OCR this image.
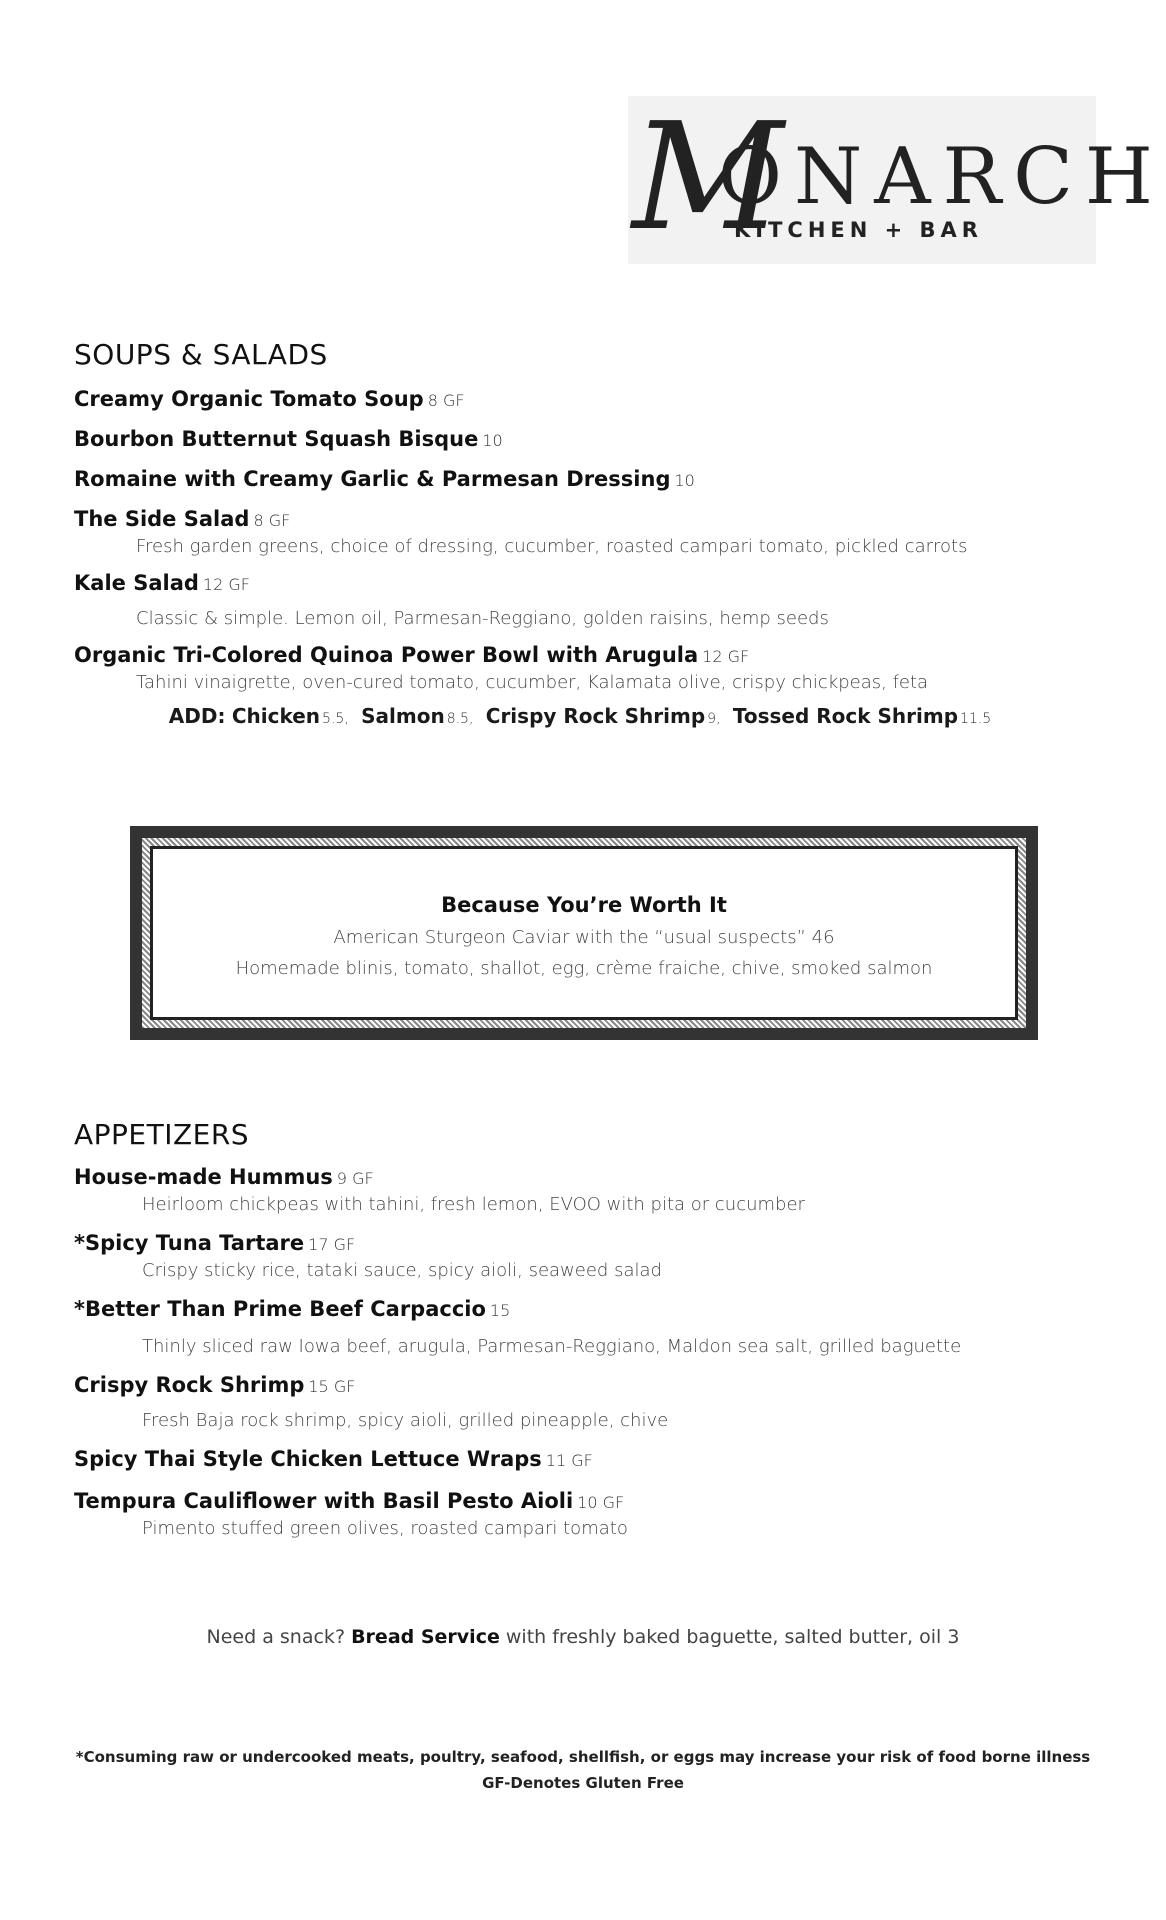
M
ONARCH
KITCHEN + BAR
SOUPS & SALADS
Creamy Organic Tomato Soup 8 GF
Bourbon Butternut Squash Bisque 10
Romaine with Creamy Garlic & Parmesan Dressing 10
The Side Salad 8 GF
Fresh garden greens, choice of dressing, cucumber, roasted campari tomato, pickled carrots
Kale Salad 12 GF
Classic & simple. Lemon oil, Parmesan-Reggiano, golden raisins, hemp seeds
Organic Tri-Colored Quinoa Power Bowl with Arugula 12 GF
Tahini vinaigrette, oven-cured tomato, cucumber, Kalamata olive, crispy chickpeas, feta
ADD: Chicken 5.5, Salmon 8.5, Crispy Rock Shrimp 9, Tossed Rock Shrimp 11.5
Because You’re Worth It
American Sturgeon Caviar with the “usual suspects” 46
Homemade blinis, tomato, shallot, egg, crème fraiche, chive, smoked salmon
APPETIZERS
House-made Hummus 9 GF
Heirloom chickpeas with tahini, fresh lemon, EVOO with pita or cucumber
*Spicy Tuna Tartare 17 GF
Crispy sticky rice, tataki sauce, spicy aioli, seaweed salad
*Better Than Prime Beef Carpaccio 15
Thinly sliced raw Iowa beef, arugula, Parmesan-Reggiano, Maldon sea salt, grilled baguette
Crispy Rock Shrimp 15 GF
Fresh Baja rock shrimp, spicy aioli, grilled pineapple, chive
Spicy Thai Style Chicken Lettuce Wraps 11 GF
Tempura Cauliflower with Basil Pesto Aioli 10 GF
Pimento stuffed green olives, roasted campari tomato
Need a snack? Bread Service with freshly baked baguette, salted butter, oil 3
*Consuming raw or undercooked meats, poultry, seafood, shellfish, or eggs may increase your risk of food borne illness
GF-Denotes Gluten Free
